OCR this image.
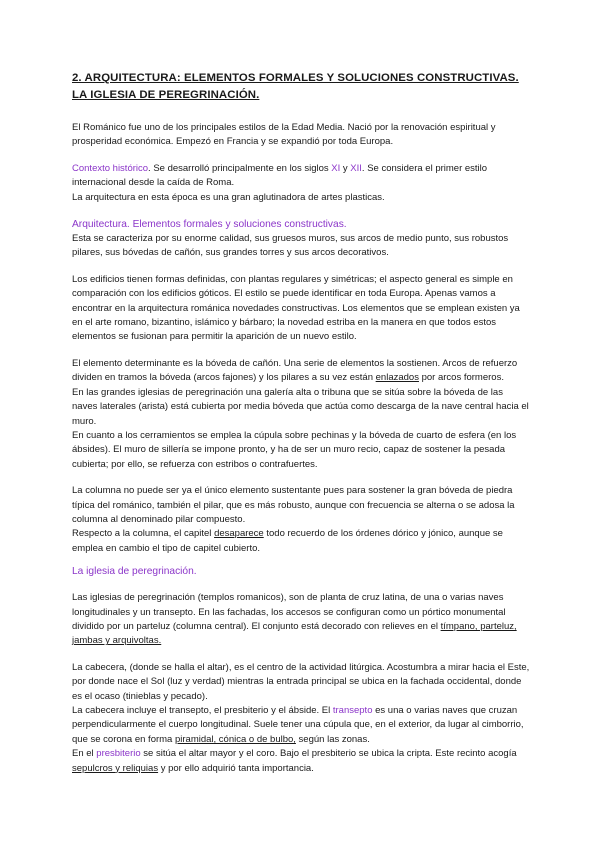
2. ARQUITECTURA: ELEMENTOS FORMALES Y SOLUCIONES CONSTRUCTIVAS. LA IGLESIA DE PEREGRINACIÓN.

El Románico fue uno de los principales estilos de la Edad Media. Nació por la renovación espiritual y prosperidad económica. Empezó en Francia y se expandió por toda Europa.

Contexto histórico. Se desarrolló principalmente en los siglos XI y XII. Se considera el primer estilo internacional desde la caída de Roma.

La arquitectura en esta época es una gran aglutinadora de artes plasticas.

Arquitectura. Elementos formales y soluciones constructivas.

Esta se caracteriza por su enorme calidad, sus gruesos muros, sus arcos de medio punto, sus robustos pilares, sus bóvedas de cañón, sus grandes torres y sus arcos decorativos.

Los edificios tienen formas definidas, con plantas regulares y simétricas; el aspecto general es simple en comparación con los edificios góticos. El estilo se puede identificar en toda Europa. Apenas vamos a encontrar en la arquitectura románica novedades constructivas. Los elementos que se emplean existen ya en el arte romano, bizantino, islámico y bárbaro; la novedad estriba en la manera en que todos estos elementos se fusionan para permitir la aparición de un nuevo estilo.

El elemento determinante es la bóveda de cañón. Una serie de elementos la sostienen. Arcos de refuerzo dividen en tramos la bóveda (arcos fajones) y los pilares a su vez están enlazados por arcos formeros.

En las grandes iglesias de peregrinación una galería alta o tribuna que se sitúa sobre la bóveda de las naves laterales (arista) está cubierta por media bóveda que actúa como descarga de la nave central hacia el muro.

En cuanto a los cerramientos se emplea la cúpula sobre pechinas y la bóveda de cuarto de esfera (en los ábsides). El muro de sillería se impone pronto, y ha de ser un muro recio, capaz de sostener la pesada cubierta; por ello, se refuerza con estribos o contrafuertes.

La columna no puede ser ya el único elemento sustentante pues para sostener la gran bóveda de piedra típica del románico, también el pilar, que es más robusto, aunque con frecuencia se alterna o se adosa la columna al denominado pilar compuesto.

Respecto a la columna, el capitel desaparece todo recuerdo de los órdenes dórico y jónico, aunque se emplea en cambio el tipo de capitel cubierto.

La iglesia de peregrinación.

Las iglesias de peregrinación (templos romanicos), son de planta de cruz latina, de una o varias naves longitudinales y un transepto. En las fachadas, los accesos se configuran como un pórtico monumental dividido por un parteluz (columna central). El conjunto está decorado con relieves en el tímpano, parteluz, jambas y arquivoltas.

La cabecera, (donde se halla el altar), es el centro de la actividad litúrgica. Acostumbra a mirar hacia el Este, por donde nace el Sol (luz y verdad) mientras la entrada principal se ubica en la fachada occidental, donde es el ocaso (tinieblas y pecado).

La cabecera incluye el transepto, el presbiterio y el ábside. El transepto es una o varias naves que cruzan perpendicularmente el cuerpo longitudinal. Suele tener una cúpula que, en el exterior, da lugar al cimborrio, que se corona en forma piramidal, cónica o de bulbo, según las zonas.

En el presbiterio se sitúa el altar mayor y el coro. Bajo el presbiterio se ubica la cripta. Este recinto acogía sepulcros y reliquias y por ello adquirió tanta importancia.
